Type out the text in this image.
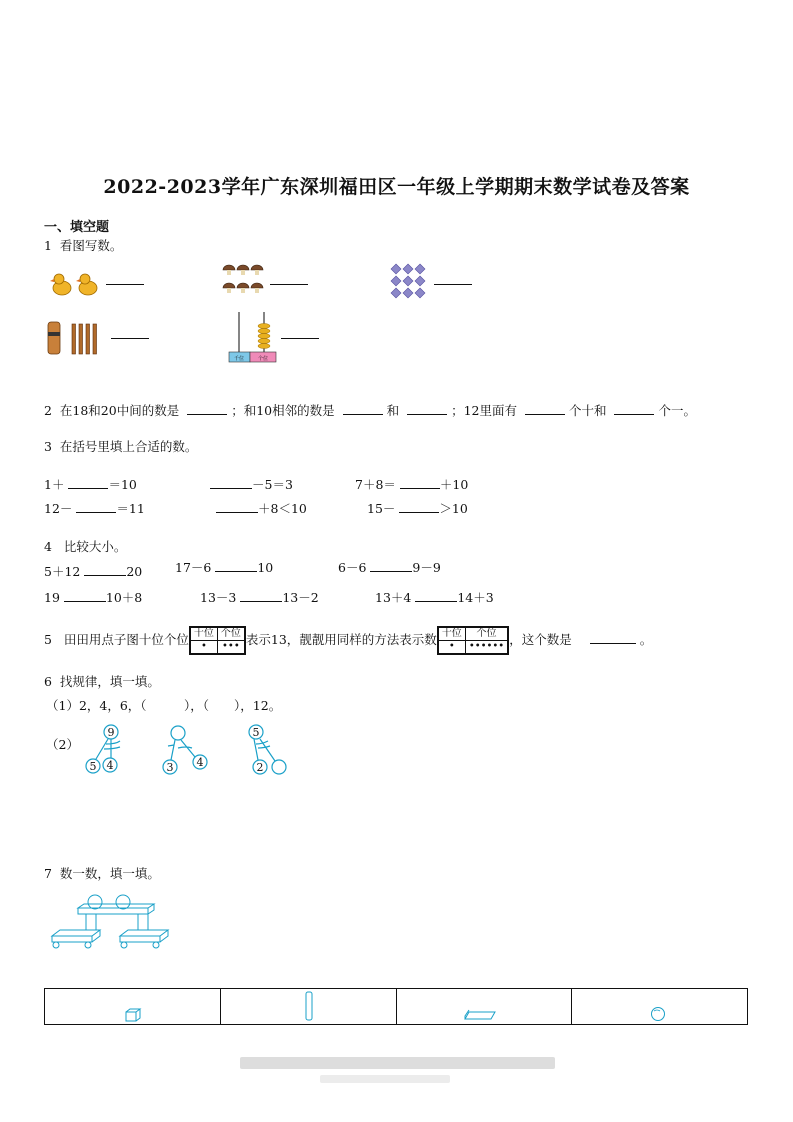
2022-2023学年广东深圳福田区一年级上学期期末数学试卷及答案
一、填空题
1 看图写数。
千位	个位
2 在18和20中间的数是	；和10相邻的数是	和	；12里面有	个十和	个一。
3 在括号里填上合适的数。
1＋	＝10	－5＝3	7＋8＝	＋10
12－	＝11	＋8＜10	15－	＞10
4 比较大小。
5＋12	20	17－6	10	6－6	9－9
19	10＋8	13－3	13－2	13＋4	14＋3
5 田田用点子图十位个位 十位	个位
•	••• 表示13，靓靓用同样的方法表示数 十位	个位
•	•••••• ，这个数是	。
6 找规律，填一填。
（1）2，4，6，（　　　），（　　），12。
（2）
9
5 4	3 4
5
2
7 数一数，填一填。
